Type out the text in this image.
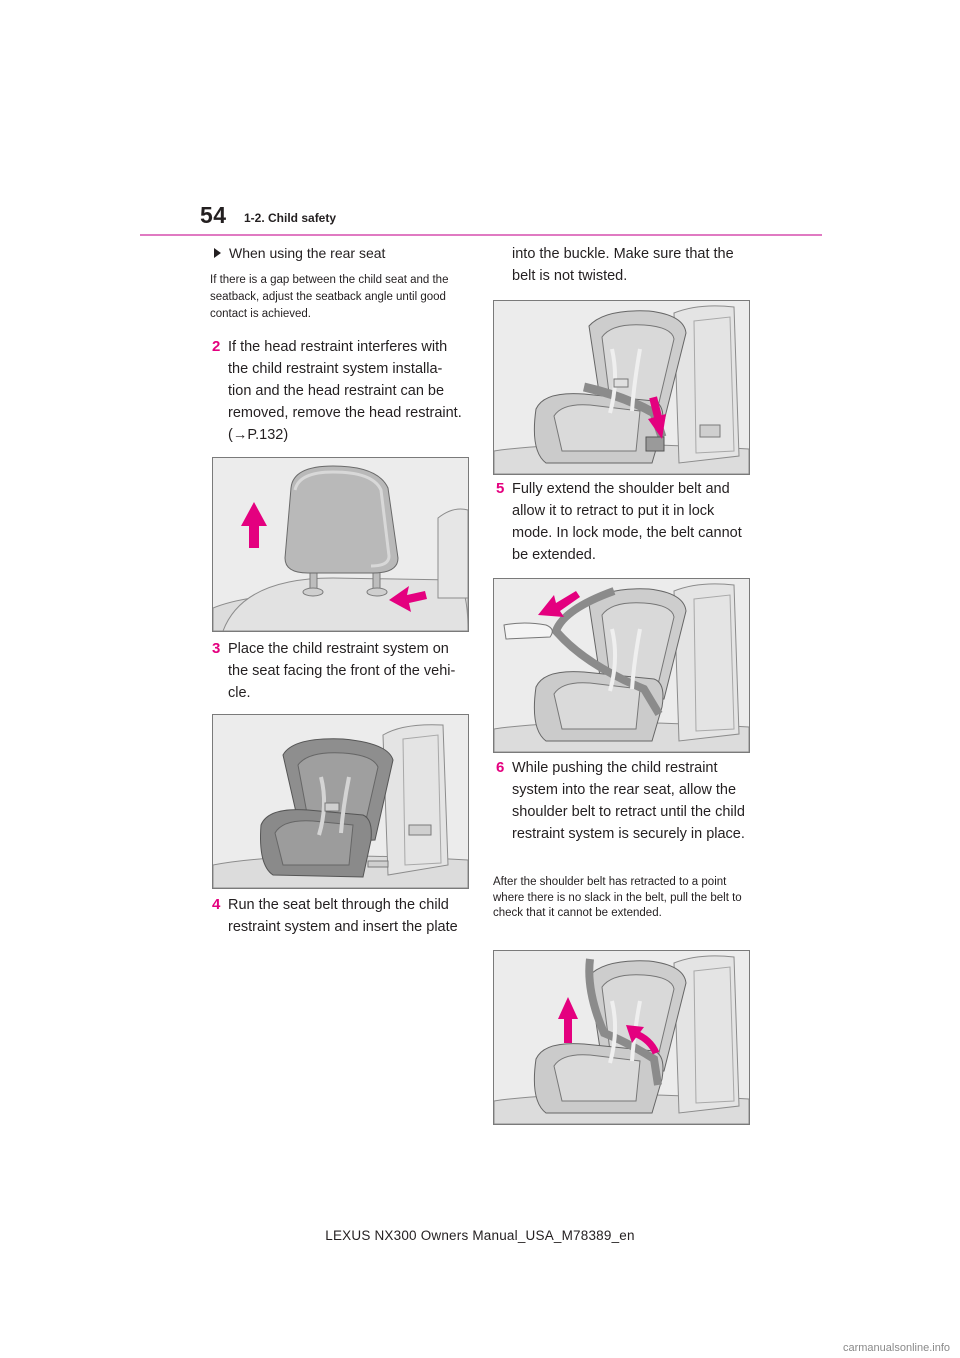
54 1-2. Child safety
When using the rear seat
If there is a gap between the child seat and the seatback, adjust the seatback angle until good contact is achieved.
2 If the head restraint interferes with the child restraint system installa-tion and the head restraint can be removed, remove the head restraint. (→P.132)
3 Place the child restraint system on the seat facing the front of the vehi-cle.
4 Run the seat belt through the child restraint system and insert the plate
into the buckle. Make sure that the belt is not twisted.
5 Fully extend the shoulder belt and allow it to retract to put it in lock mode. In lock mode, the belt cannot be extended.
6 While pushing the child restraint system into the rear seat, allow the shoulder belt to retract until the child restraint system is securely in place.
After the shoulder belt has retracted to a point where there is no slack in the belt, pull the belt to check that it cannot be extended.
LEXUS NX300 Owners Manual_USA_M78389_en
carmanualsonline.info
